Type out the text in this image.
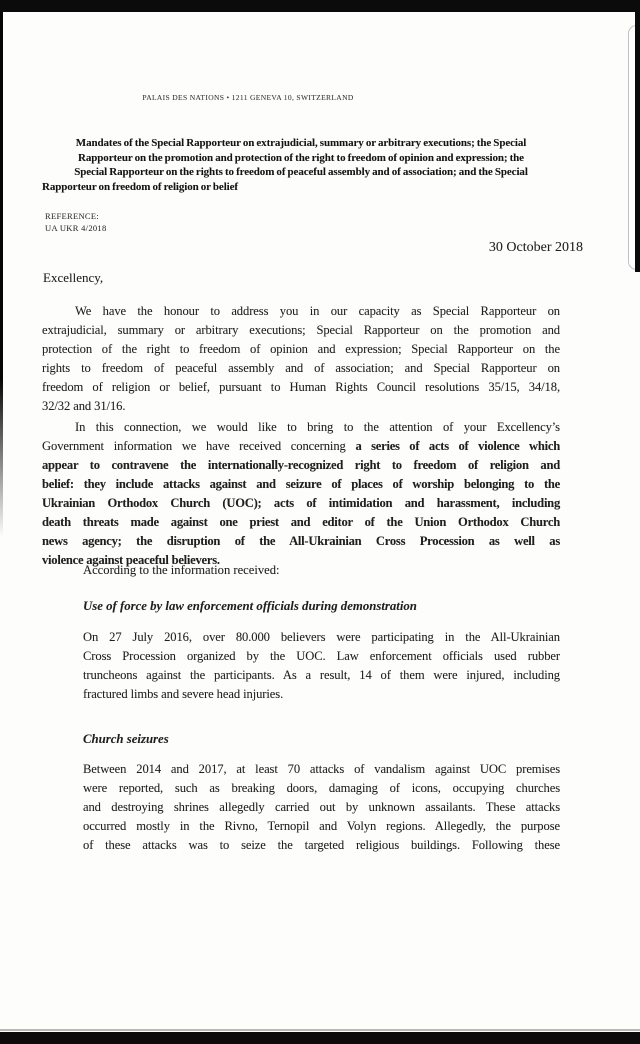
PALAIS DES NATIONS • 1211 GENEVA 10, SWITZERLAND
Mandates of the Special Rapporteur on extrajudicial, summary or arbitrary executions; the Special
Rapporteur on the promotion and protection of the right to freedom of opinion and expression; the
Special Rapporteur on the rights to freedom of peaceful assembly and of association; and the Special
Rapporteur on freedom of religion or belief
REFERENCE:
UA UKR 4/2018
30 October 2018
Excellency,
We have the honour to address you in our capacity as Special Rapporteur on
extrajudicial, summary or arbitrary executions; Special Rapporteur on the promotion and
protection of the right to freedom of opinion and expression; Special Rapporteur on the
rights to freedom of peaceful assembly and of association; and Special Rapporteur on
freedom of religion or belief, pursuant to Human Rights Council resolutions 35/15, 34/18,
32/32 and 31/16.
In this connection, we would like to bring to the attention of your Excellency’s
Government information we have received concerning a series of acts of violence which
appear to contravene the internationally-recognized right to freedom of religion and
belief: they include attacks against and seizure of places of worship belonging to the
Ukrainian Orthodox Church (UOC); acts of intimidation and harassment, including
death threats made against one priest and editor of the Union Orthodox Church
news agency; the disruption of the All-Ukrainian Cross Procession as well as
violence against peaceful believers.
According to the information received:
Use of force by law enforcement officials during demonstration
On 27 July 2016, over 80.000 believers were participating in the All-Ukrainian
Cross Procession organized by the UOC. Law enforcement officials used rubber
truncheons against the participants. As a result, 14 of them were injured, including
fractured limbs and severe head injuries.
Church seizures
Between 2014 and 2017, at least 70 attacks of vandalism against UOC premises
were reported, such as breaking doors, damaging of icons, occupying churches
and destroying shrines allegedly carried out by unknown assailants. These attacks
occurred mostly in the Rivno, Ternopil and Volyn regions. Allegedly, the purpose
of these attacks was to seize the targeted religious buildings. Following these
